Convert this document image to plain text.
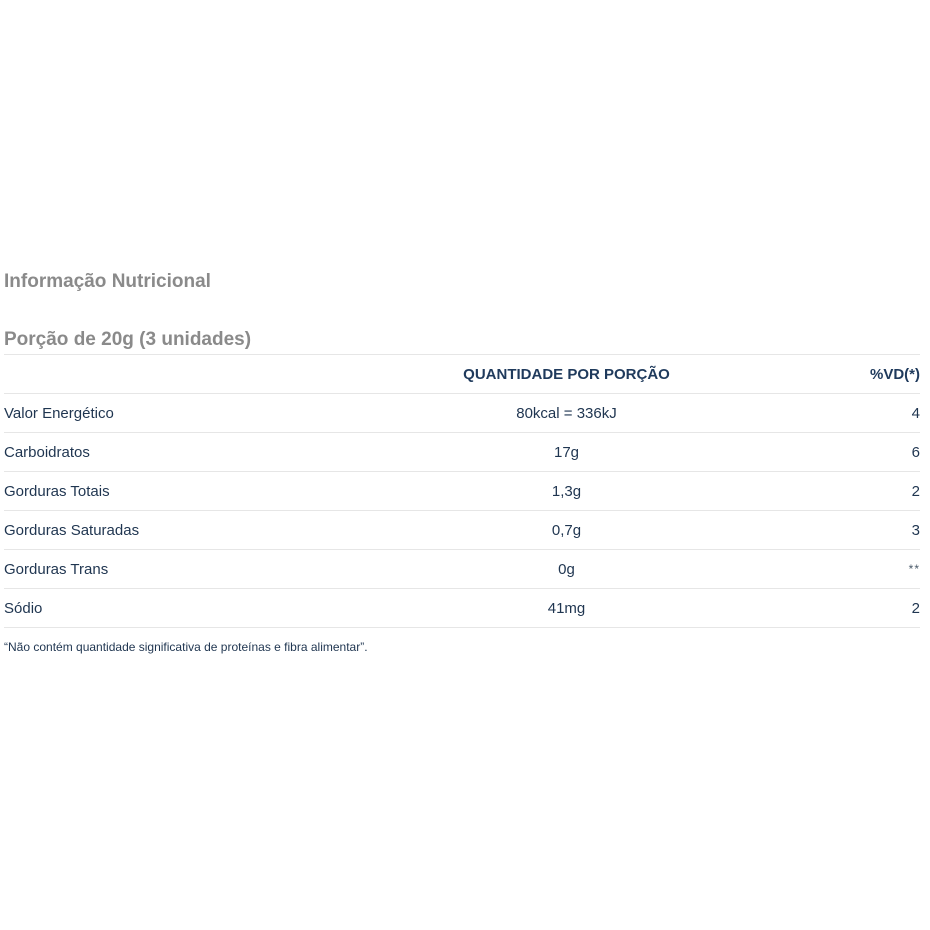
Informação Nutricional
Porção de 20g (3 unidades)
	QUANTIDADE POR PORÇÃO	%VD(*)
Valor Energético	80kcal = 336kJ	4
Carboidratos	17g	6
Gorduras Totais	1,3g	2
Gorduras Saturadas	0,7g	3
Gorduras Trans	0g	**
Sódio	41mg	2
“Não contém quantidade significativa de proteínas e fibra alimentar”.
